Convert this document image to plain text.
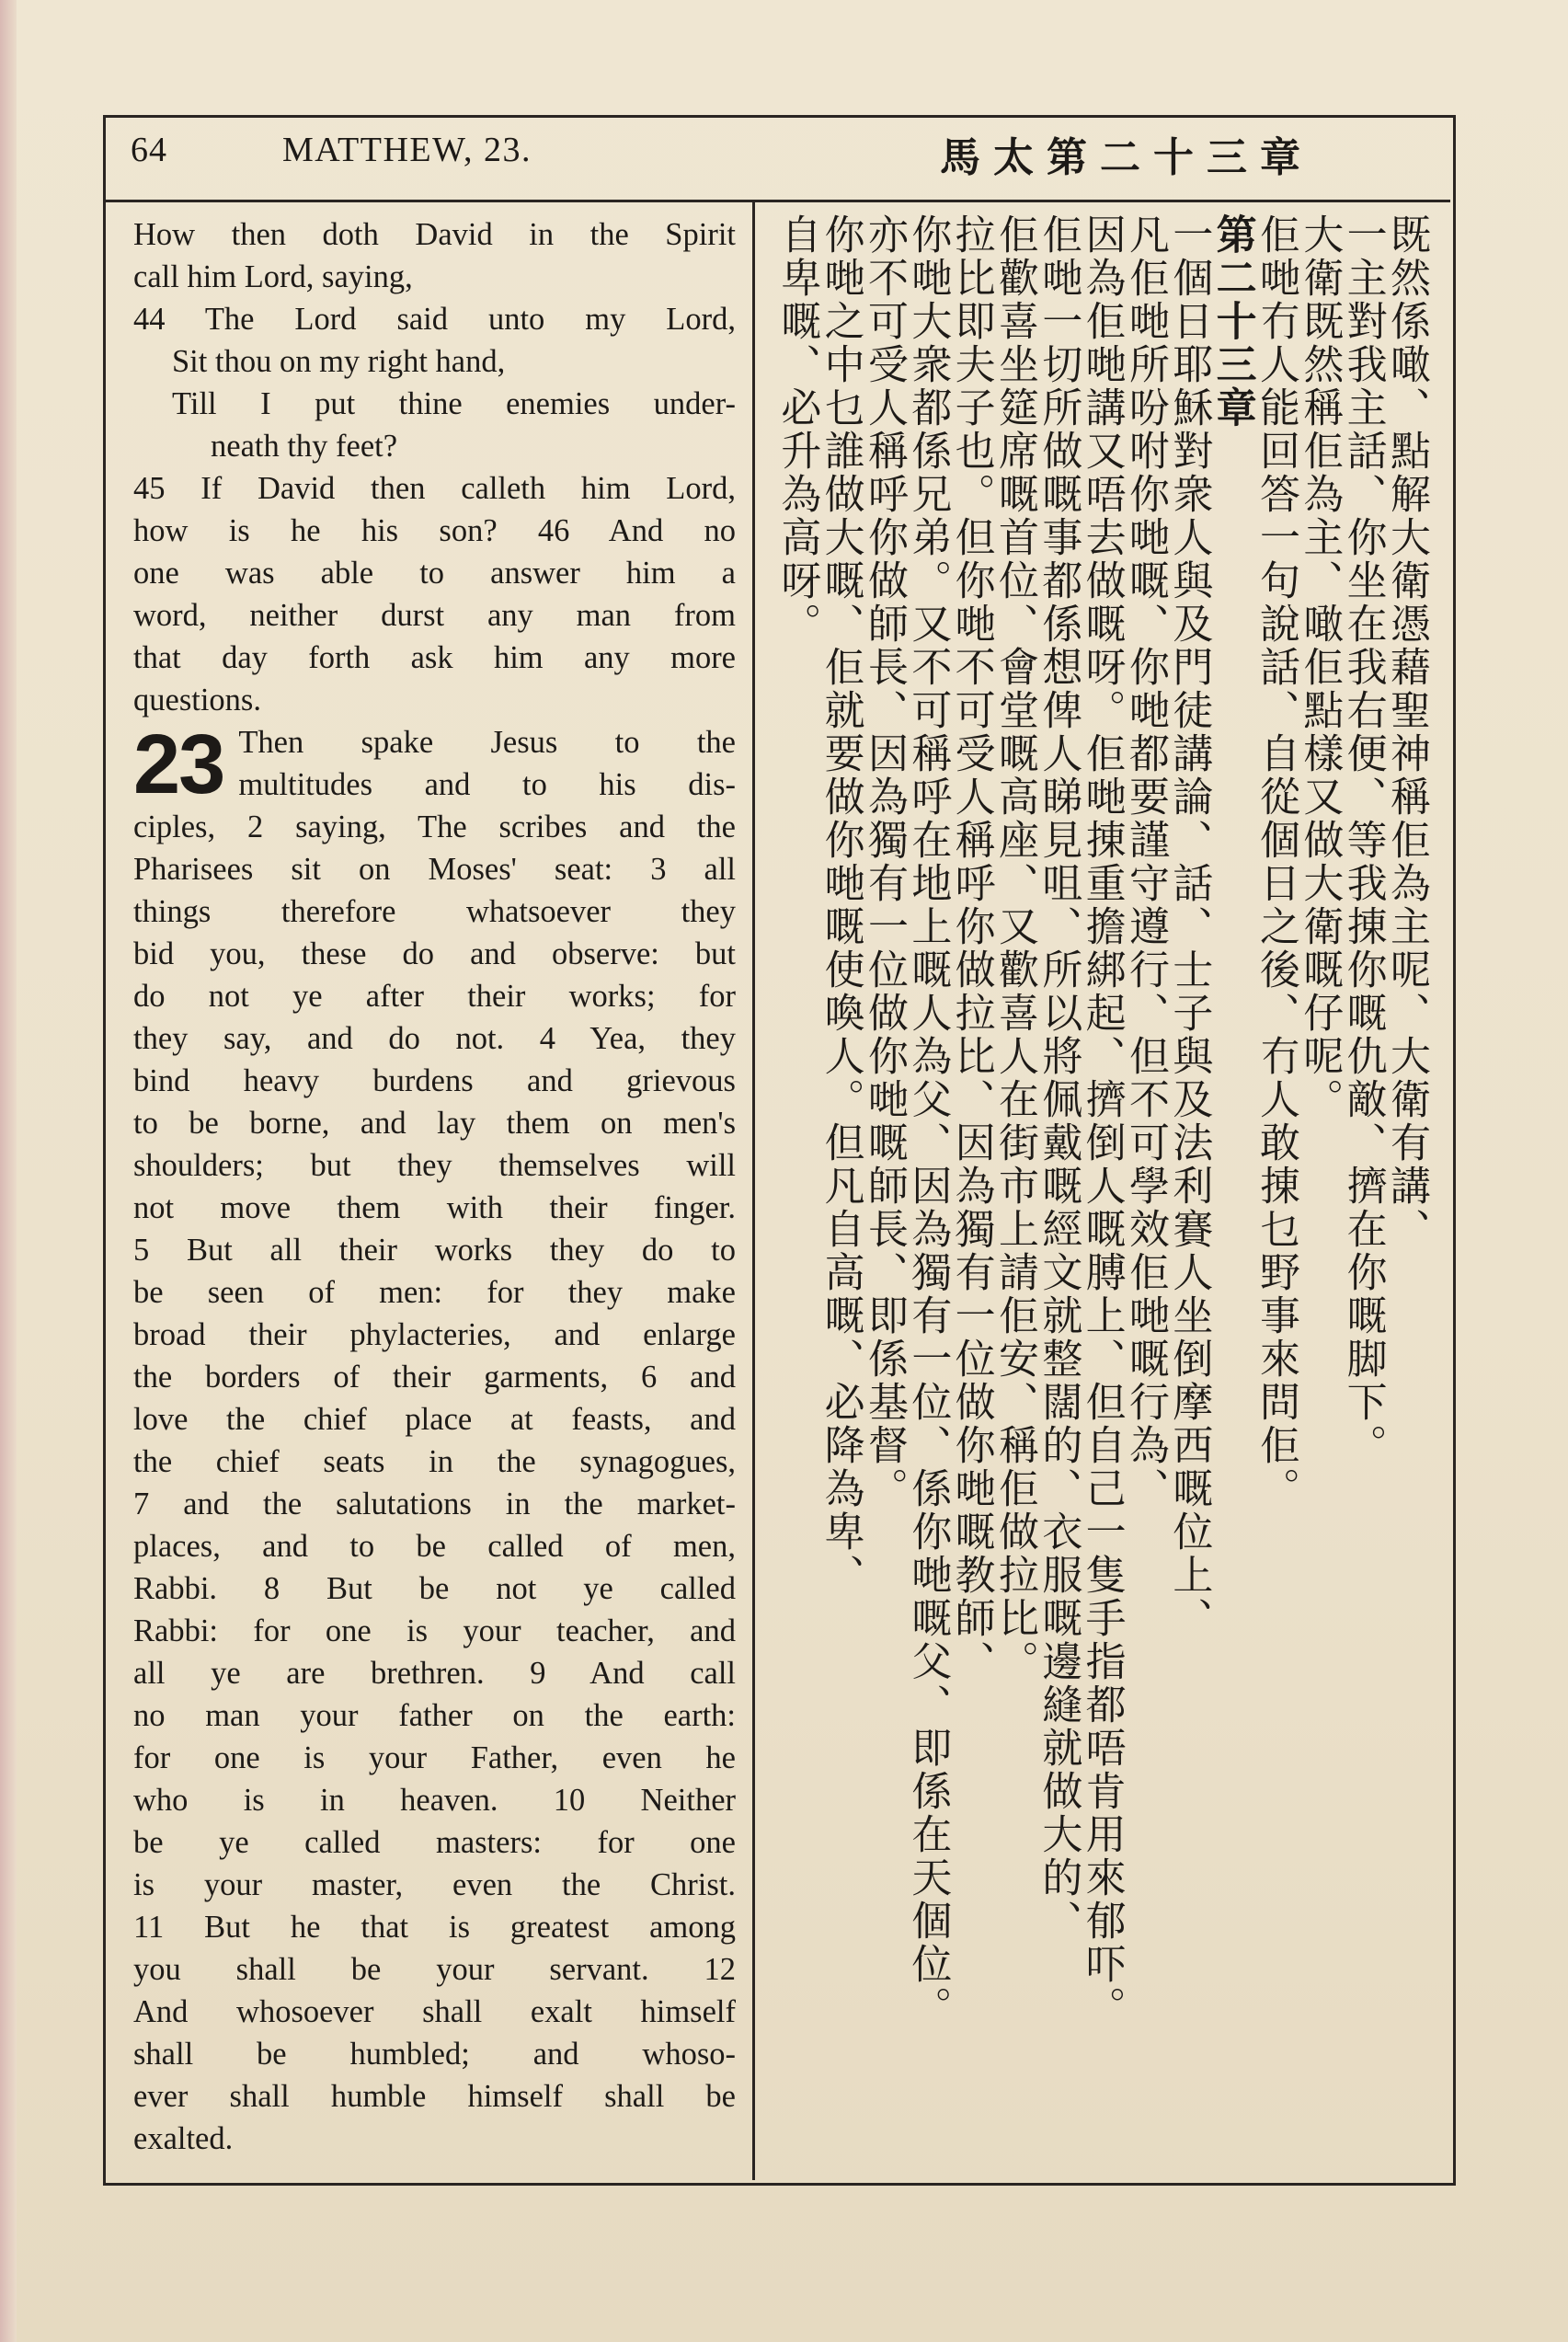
64	MATTHEW, 23.	馬太第二十三章
How then doth David in the Spirit
call him Lord, saying,
44 The Lord said unto my Lord,
Sit thou on my right hand,
Till I put thine enemies under-
neath thy feet?
45 If David then calleth him Lord,
how is he his son? 46 And no
one was able to answer him a
word, neither durst any man from
that day forth ask him any more
questions.
23 Then spake Jesus to the
multitudes and to his dis-
ciples, 2 saying, The scribes and the
Pharisees sit on Moses' seat: 3 all
things therefore whatsoever they
bid you, these do and observe: but
do not ye after their works; for
they say, and do not. 4 Yea, they
bind heavy burdens and grievous
to be borne, and lay them on men's
shoulders; but they themselves will
not move them with their finger.
5 But all their works they do to
be seen of men: for they make
broad their phylacteries, and enlarge
the borders of their garments, 6 and
love the chief place at feasts, and
the chief seats in the synagogues,
7 and the salutations in the market-
places, and to be called of men,
Rabbi. 8 But be not ye called
Rabbi: for one is your teacher, and
all ye are brethren. 9 And call
no man your father on the earth:
for one is your Father, even he
who is in heaven. 10 Neither
be ye called masters: for one
is your master, even the Christ.
11 But he that is greatest among
you shall be your servant. 12
And whosoever shall exalt himself
shall be humbled; and whoso-
ever shall humble himself shall be
exalted.
既然係噉、點解大衛憑藉聖神稱佢為主呢、大衛有講、
一主對我主話、你坐在我右便、等我㨂你嘅仇敵、擠在你嘅脚下。
大衛既然稱佢為主、噉佢點樣又做大衛嘅仔呢。
佢哋冇人能回答一句說話、自從個日之後、冇人敢㨂乜野事來問佢。
第二十三章
一個日耶穌對衆人與及門徒講論、話、士子與及法利賽人坐倒摩西嘅位上、
凡佢哋所吩咐你哋嘅、你哋都要謹守遵行、但不可學效佢哋嘅行為、
因為佢哋講又唔去做嘅呀。佢哋㨂重擔綁起、擠倒人嘅膊上、但自己一隻手指都唔肯用來郁吓。
佢哋一切所做嘅事都係想俾人睇見咀、所以將佩戴嘅經文就整闊的、衣服嘅邊縫就做大的、
佢歡喜坐筵席嘅首位、會堂嘅高座、又歡喜人在街市上請佢安、稱佢做拉比。
拉比即夫子也。但你哋不可受人稱呼你做拉比、因為獨有一位做你哋嘅教師、
你哋大衆都係兄弟。又不可稱呼在地上嘅人為父、因為獨有一位、係你哋嘅父、即係在天個位。
亦不可受人稱呼你做師長、因為獨有一位做你哋嘅師長、即係基督。
你哋之中乜誰做大嘅、佢就要做你哋嘅使喚人。但凡自高嘅、必降為卑、
自卑嘅、必升為高呀。
